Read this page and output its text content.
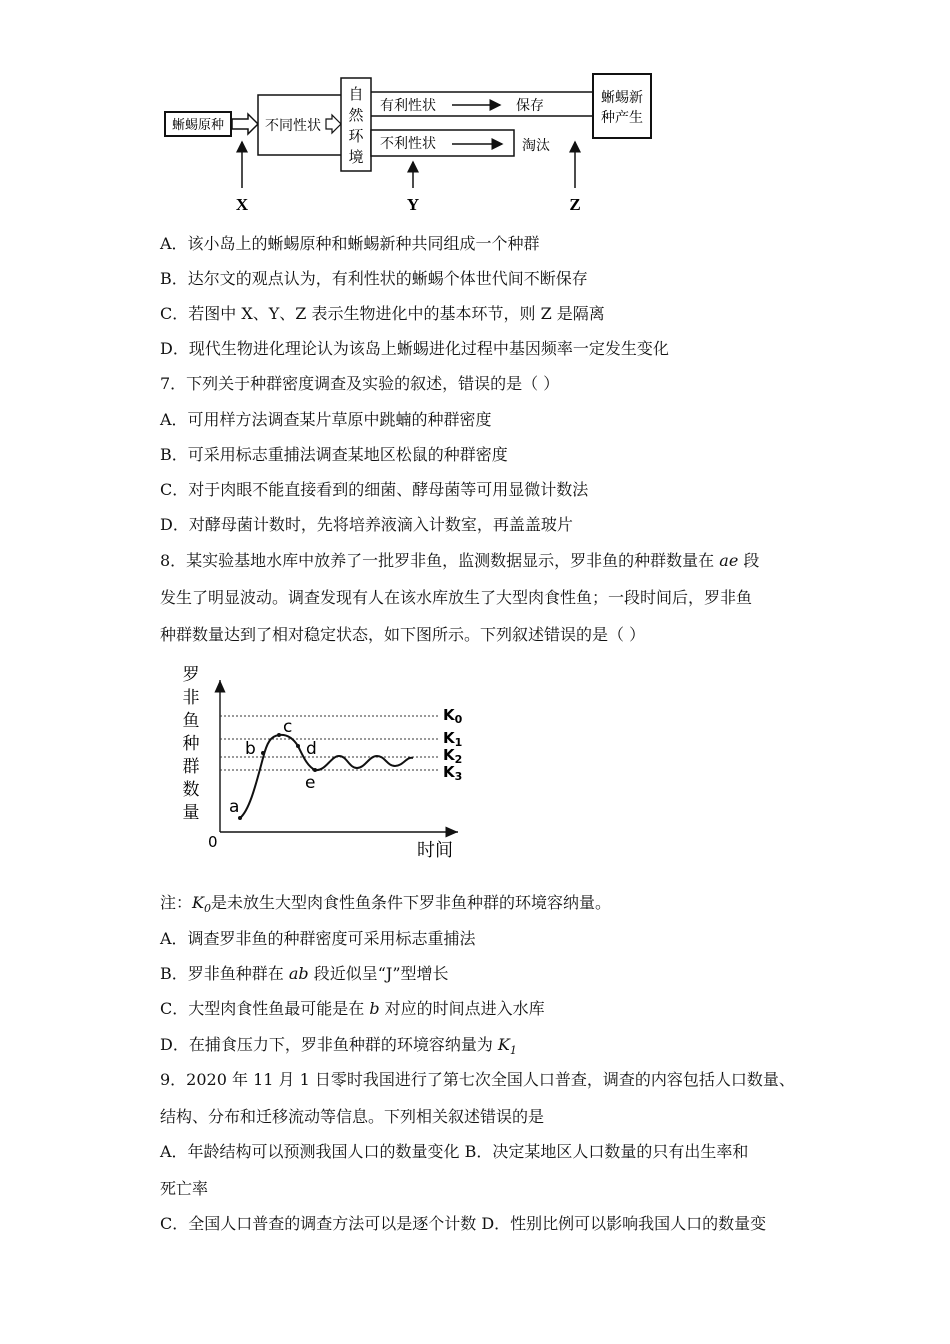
蜥蜴原种	不同性状
自然环境
有利性状	保存
不利性状	淘汰
蜥蜴新
种产生
X	Y	Z
A．该小岛上的蜥蜴原种和蜥蜴新种共同组成一个种群
B．达尔文的观点认为，有利性状的蜥蜴个体世代间不断保存
C．若图中 X、Y、Z 表示生物进化中的基本环节，则 Z 是隔离
D．现代生物进化理论认为该岛上蜥蜴进化过程中基因频率一定发生变化
7．下列关于种群密度调查及实验的叙述，错误的是（ ）
A．可用样方法调查某片草原中跳蝻的种群密度
B．可采用标志重捕法调查某地区松鼠的种群密度
C．对于肉眼不能直接看到的细菌、酵母菌等可用显微计数法
D．对酵母菌计数时，先将培养液滴入计数室，再盖盖玻片
8．某实验基地水库中放养了一批罗非鱼，监测数据显示，罗非鱼的种群数量在 ae 段
发生了明显波动。调查发现有人在该水库放生了大型肉食性鱼；一段时间后，罗非鱼
种群数量达到了相对稳定状态，如下图所示。下列叙述错误的是（ ）
罗
非
鱼
种
群
数
量
0	时间
$K_0$
$K_1$
$K_2$
$K_3$
a
b
c
d
e
注：$K_0$是未放生大型肉食性鱼条件下罗非鱼种群的环境容纳量。
A．调查罗非鱼的种群密度可采用标志重捕法
B．罗非鱼种群在 ab 段近似呈“J”型增长
C．大型肉食性鱼最可能是在 b 对应的时间点进入水库
D．在捕食压力下，罗非鱼种群的环境容纳量为 $K_1$
9．2020 年 11 月 1 日零时我国进行了第七次全国人口普查，调查的内容包括人口数量、
结构、分布和迁移流动等信息。下列相关叙述错误的是
A．年龄结构可以预测我国人口的数量变化 B．决定某地区人口数量的只有出生率和
死亡率
C．全国人口普查的调查方法可以是逐个计数 D．性别比例可以影响我国人口的数量变
